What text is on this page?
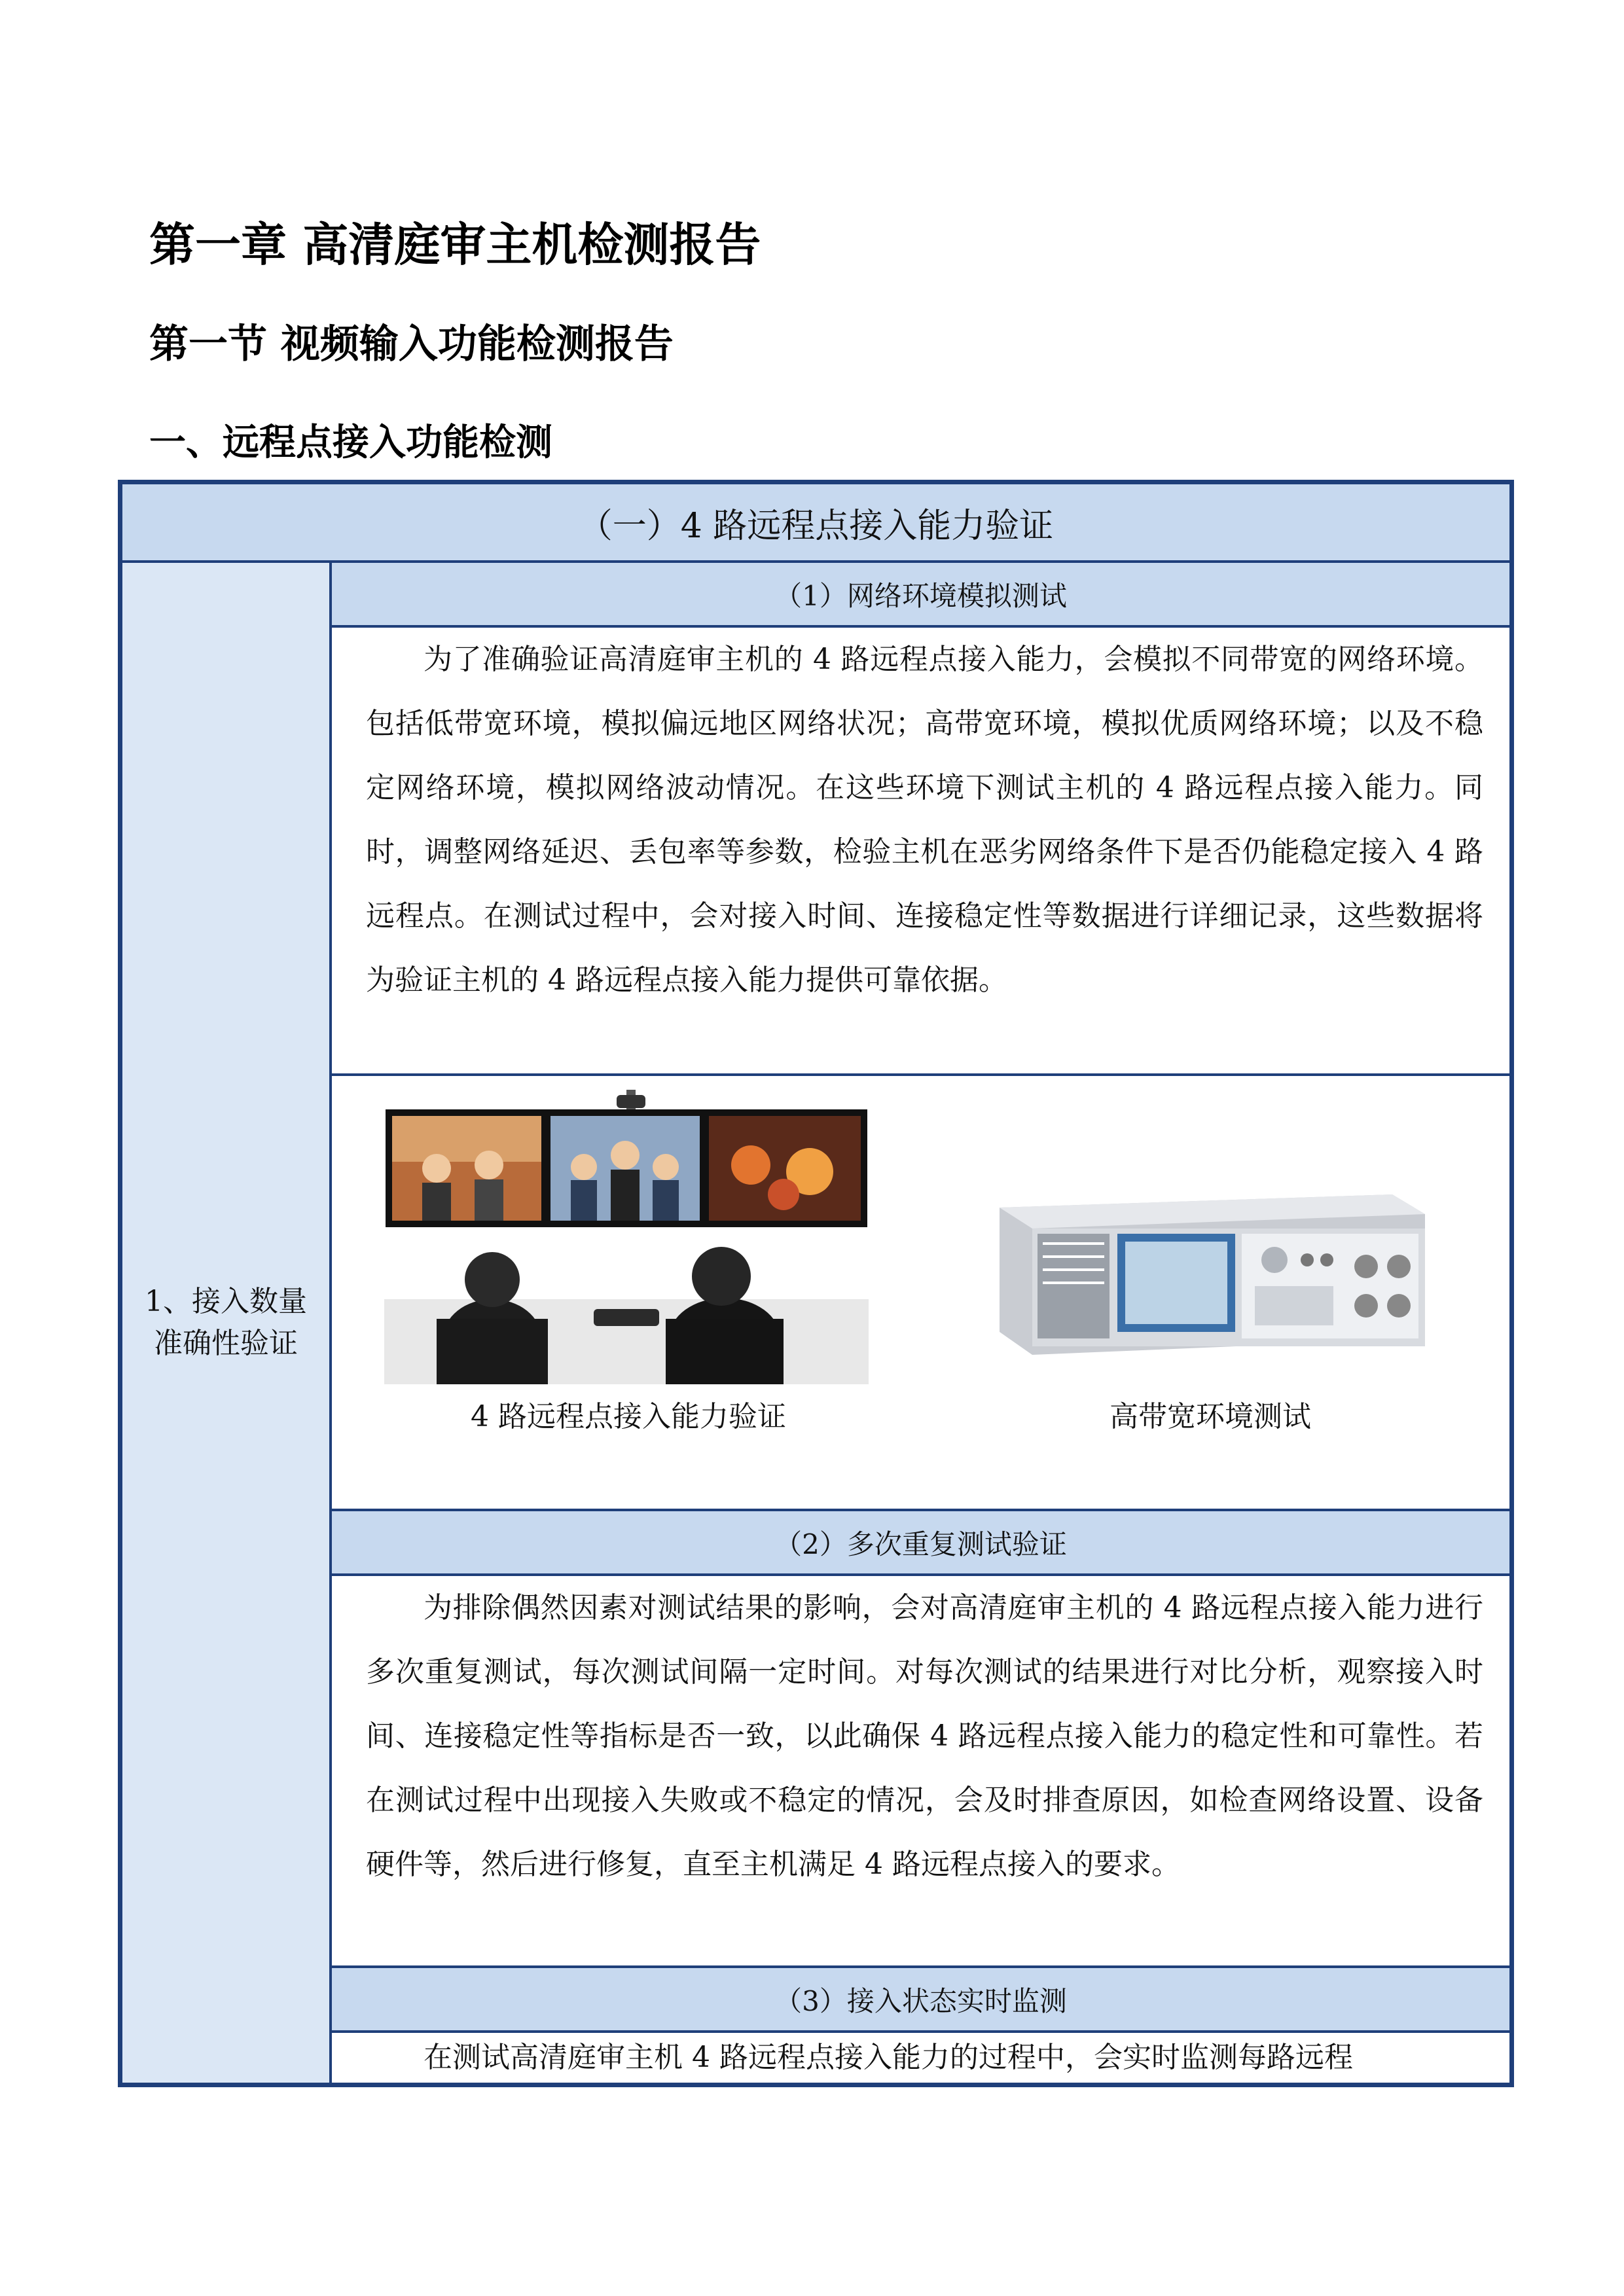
第一章 高清庭审主机检测报告
第一节 视频输入功能检测报告
一、远程点接入功能检测
（一）4 路远程点接入能力验证
1、接入数量准确性验证
（1）网络环境模拟测试

为了准确验证高清庭审主机的 4 路远程点接入能力，会模拟不同带宽的网络环境。包括低带宽环境，模拟偏远地区网络状况；高带宽环境，模拟优质网络环境；以及不稳定网络环境，模拟网络波动情况。在这些环境下测试主机的 4 路远程点接入能力。同时，调整网络延迟、丢包率等参数，检验主机在恶劣网络条件下是否仍能稳定接入 4 路远程点。在测试过程中，会对接入时间、连接稳定性等数据进行详细记录，这些数据将为验证主机的 4 路远程点接入能力提供可靠依据。

4 路远程点接入能力验证	高带宽环境测试
（2）多次重复测试验证

为排除偶然因素对测试结果的影响，会对高清庭审主机的 4 路远程点接入能力进行多次重复测试，每次测试间隔一定时间。对每次测试的结果进行对比分析，观察接入时间、连接稳定性等指标是否一致，以此确保 4 路远程点接入能力的稳定性和可靠性。若在测试过程中出现接入失败或不稳定的情况，会及时排查原因，如检查网络设置、设备硬件等，然后进行修复，直至主机满足 4 路远程点接入的要求。

（3）接入状态实时监测

在测试高清庭审主机 4 路远程点接入能力的过程中，会实时监测每路远程
